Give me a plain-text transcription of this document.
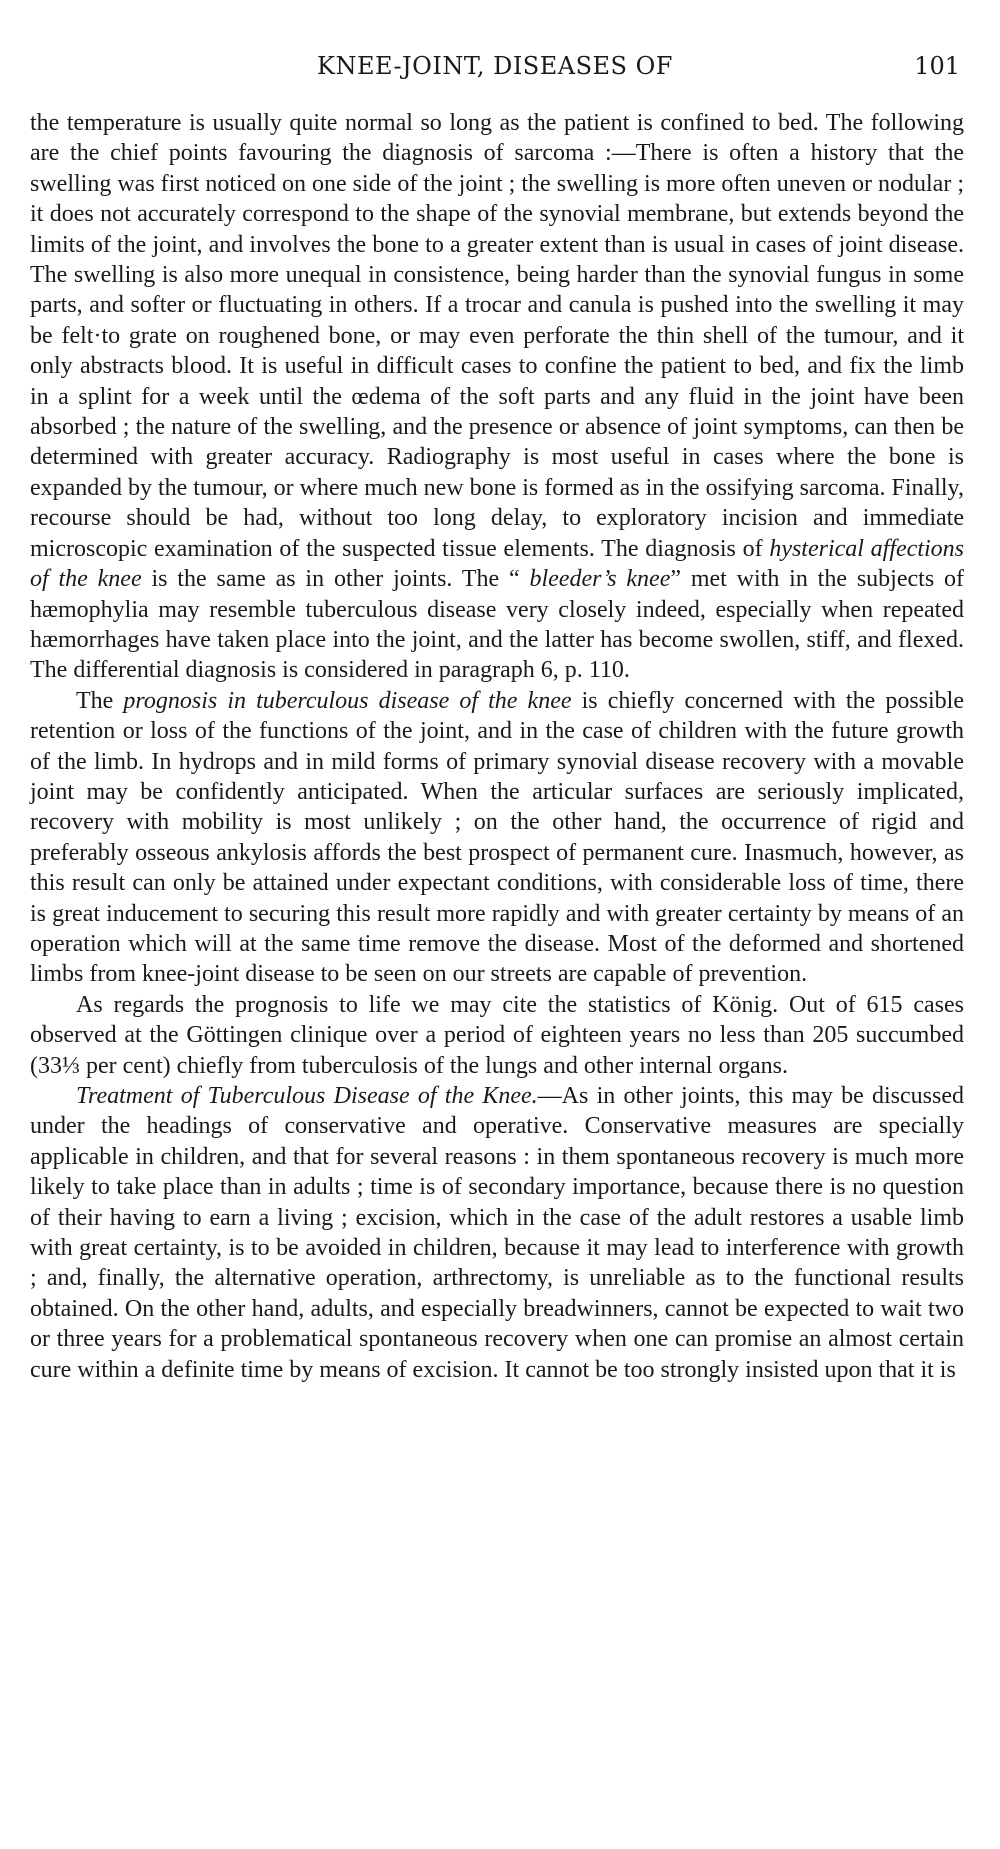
KNEE-JOINT, DISEASES OF	101

the temperature is usually quite normal so long as the patient is confined to bed. The following are the chief points favouring the diagnosis of sarcoma :—There is often a history that the swelling was first noticed on one side of the joint ; the swelling is more often uneven or nodular ; it does not accurately correspond to the shape of the synovial membrane, but extends beyond the limits of the joint, and involves the bone to a greater extent than is usual in cases of joint disease. The swelling is also more unequal in consistence, being harder than the synovial fungus in some parts, and softer or fluctuating in others. If a trocar and canula is pushed into the swelling it may be felt·to grate on roughened bone, or may even perforate the thin shell of the tumour, and it only abstracts blood. It is useful in difficult cases to confine the patient to bed, and fix the limb in a splint for a week until the œdema of the soft parts and any fluid in the joint have been absorbed ; the nature of the swelling, and the presence or absence of joint symptoms, can then be determined with greater accuracy. Radiography is most useful in cases where the bone is expanded by the tumour, or where much new bone is formed as in the ossifying sarcoma. Finally, recourse should be had, without too long delay, to exploratory incision and immediate microscopic examination of the suspected tissue elements. The diagnosis of hysterical affections of the knee is the same as in other joints. The “ bleeder’s knee” met with in the subjects of hæmophylia may resemble tuberculous disease very closely indeed, especially when repeated hæmorrhages have taken place into the joint, and the latter has become swollen, stiff, and flexed. The differential diagnosis is considered in paragraph 6, p. 110.

The prognosis in tuberculous disease of the knee is chiefly concerned with the possible retention or loss of the functions of the joint, and in the case of children with the future growth of the limb. In hydrops and in mild forms of primary synovial disease recovery with a movable joint may be confidently anticipated. When the articular surfaces are seriously implicated, recovery with mobility is most unlikely ; on the other hand, the occurrence of rigid and preferably osseous ankylosis affords the best prospect of permanent cure. Inasmuch, however, as this result can only be attained under expectant conditions, with considerable loss of time, there is great inducement to securing this result more rapidly and with greater certainty by means of an operation which will at the same time remove the disease. Most of the deformed and shortened limbs from knee-joint disease to be seen on our streets are capable of prevention.

As regards the prognosis to life we may cite the statistics of König. Out of 615 cases observed at the Göttingen clinique over a period of eighteen years no less than 205 succumbed (33⅓ per cent) chiefly from tuberculosis of the lungs and other internal organs.

Treatment of Tuberculous Disease of the Knee.—As in other joints, this may be discussed under the headings of conservative and operative. Conservative measures are specially applicable in children, and that for several reasons : in them spontaneous recovery is much more likely to take place than in adults ; time is of secondary importance, because there is no question of their having to earn a living ; excision, which in the case of the adult restores a usable limb with great certainty, is to be avoided in children, because it may lead to interference with growth ; and, finally, the alternative operation, arthrectomy, is unreliable as to the functional results obtained. On the other hand, adults, and especially breadwinners, cannot be expected to wait two or three years for a problematical spontaneous recovery when one can promise an almost certain cure within a definite time by means of excision. It cannot be too strongly insisted upon that it is
